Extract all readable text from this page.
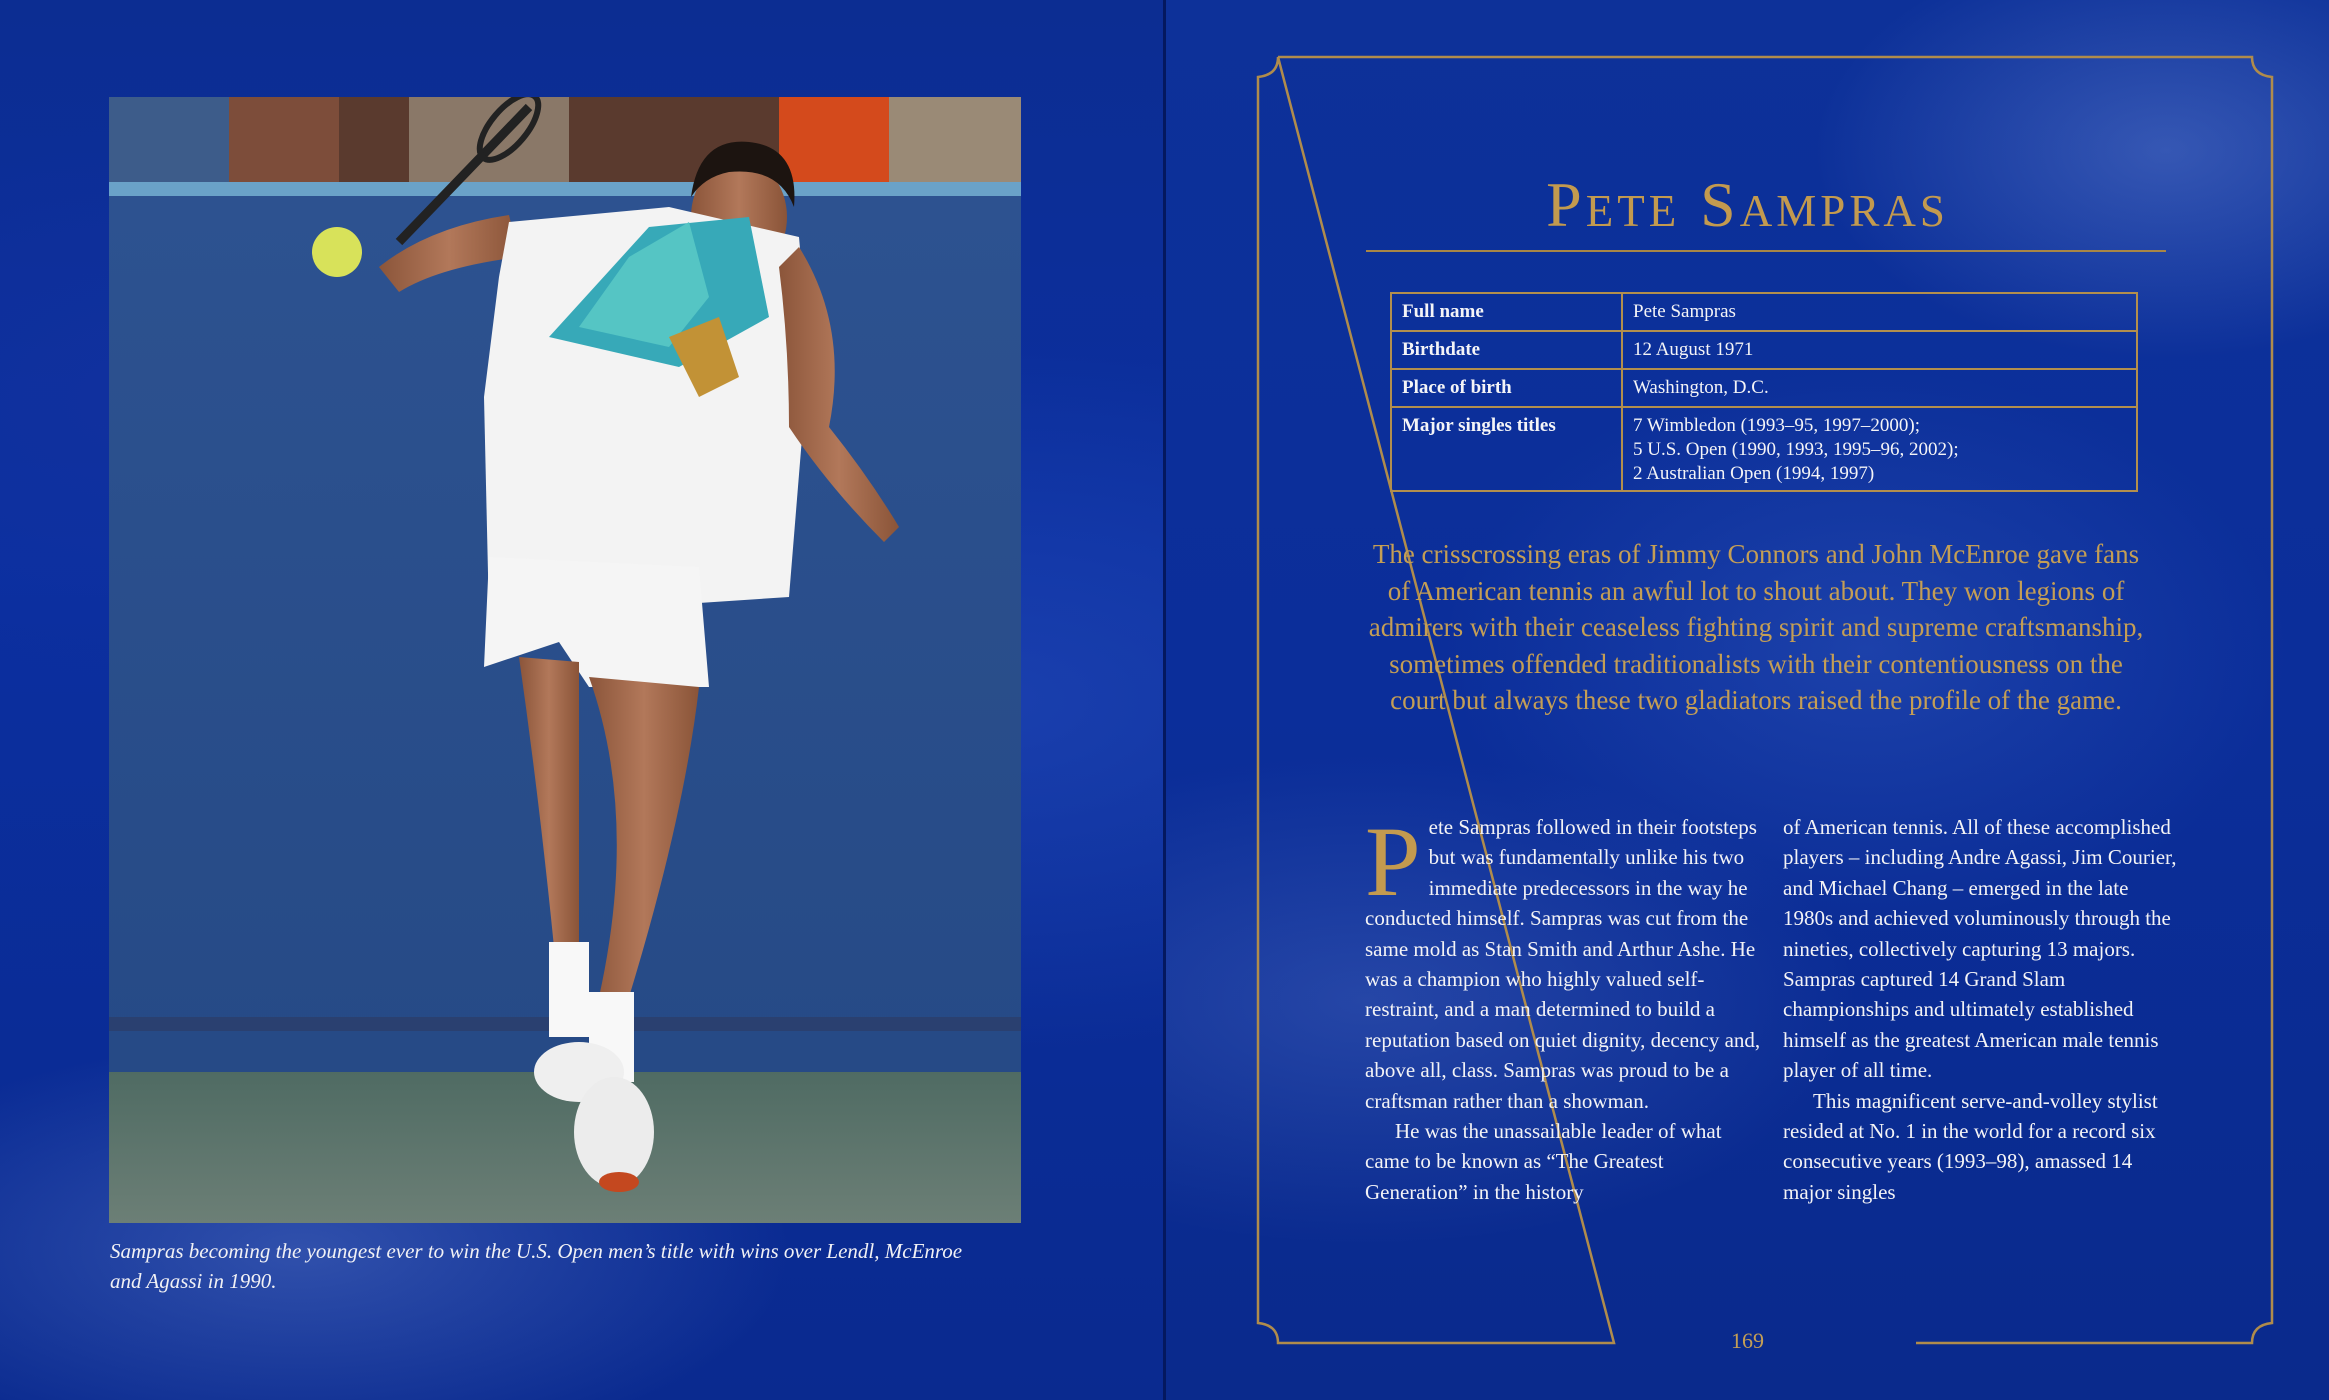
Sampras becoming the youngest ever to win the U.S. Open men’s title with wins over Lendl, McEnroe and Agassi in 1990.
Pete Sampras
Full name	Pete Sampras
Birthdate	12 August 1971
Place of birth	Washington, D.C.
Major singles titles	7 Wimbledon (1993–95, 1997–2000);
5 U.S. Open (1990, 1993, 1995–96, 2002);
2 Australian Open (1994, 1997)
The crisscrossing eras of Jimmy Connors and John McEnroe gave fans of American tennis an awful lot to shout about. They won legions of admirers with their ceaseless fighting spirit and supreme craftsmanship, sometimes offended traditionalists with their contentiousness on the court but always these two gladiators raised the profile of the game.

Pete Sampras followed in their footsteps but was fundamentally unlike his two immediate predecessors in the way he conducted himself. Sampras was cut from the same mold as Stan Smith and Arthur Ashe. He was a champion who highly valued self-restraint, and a man determined to build a reputation based on quiet dignity, decency and, above all, class. Sampras was proud to be a craftsman rather than a showman.

He was the unassailable leader of what came to be known as “The Greatest Generation” in the history

of American tennis. All of these accomplished players – including Andre Agassi, Jim Courier, and Michael Chang – emerged in the late 1980s and achieved voluminously through the nineties, collectively capturing 13 majors. Sampras captured 14 Grand Slam championships and ultimately established himself as the greatest American male tennis player of all time.

This magnificent serve-and-volley stylist resided at No. 1 in the world for a record six consecutive years (1993–98), amassed 14 major singles

169
